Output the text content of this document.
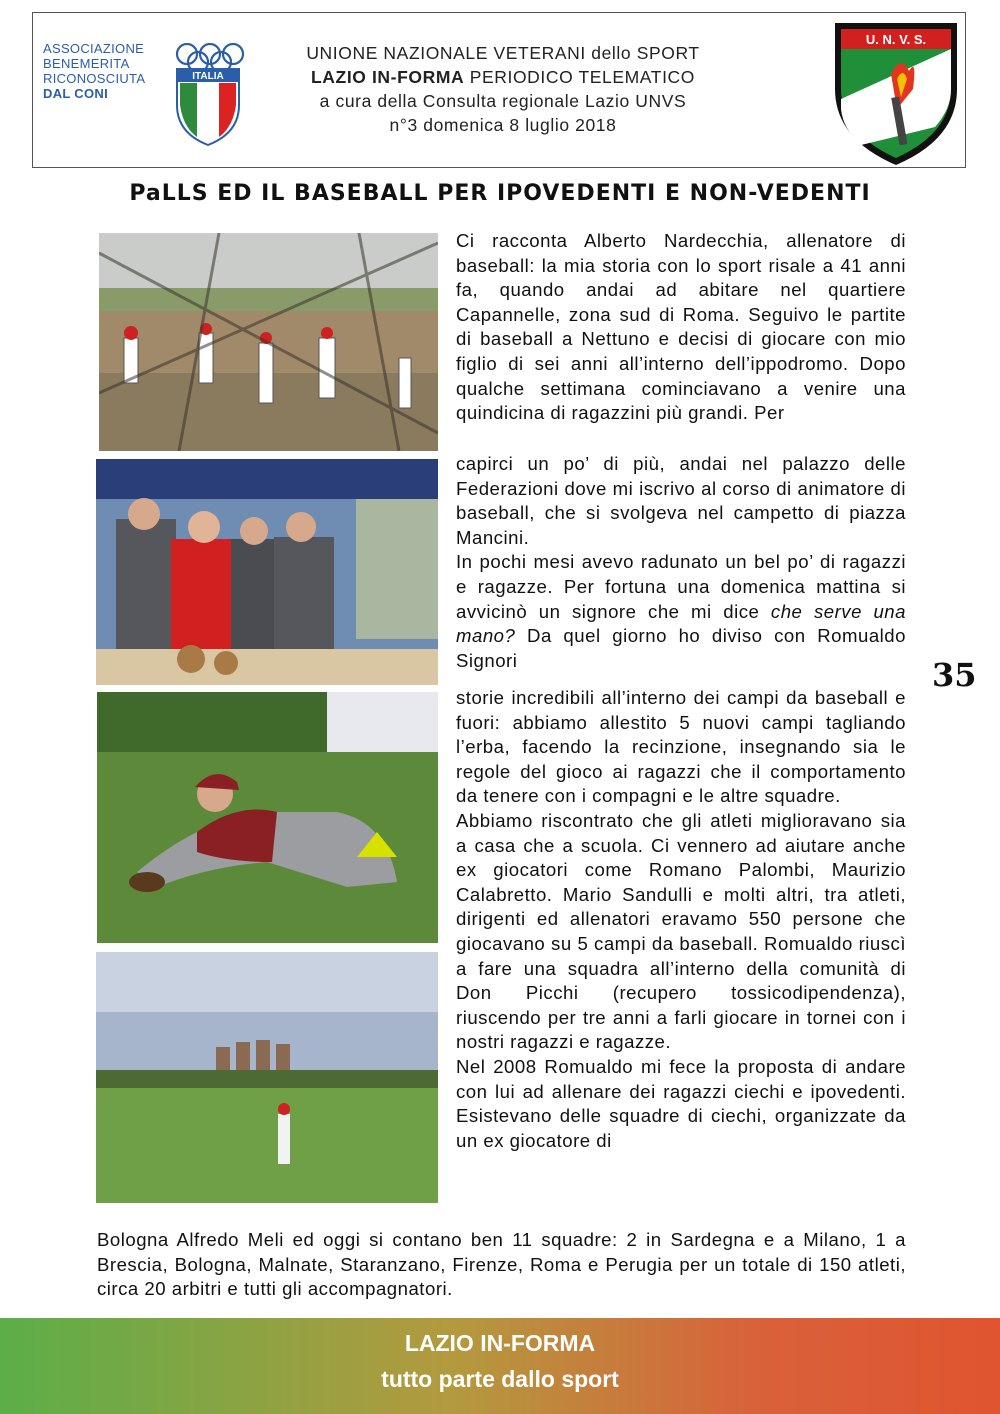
ASSOCIAZIONE
BENEMERITA
RICONOSCIUTA
DAL CONI
ITALIA
UNIONE NAZIONALE VETERANI dello SPORT
LAZIO IN-FORMA PERIODICO TELEMATICO
a cura della Consulta regionale Lazio UNVS
n°3 domenica 8 luglio 2018
U. N. V. S.
PaLLS ED IL BASEBALL PER IPOVEDENTI E NON-VEDENTI

Ci racconta Alberto Nardecchia, allenatore di baseball: la mia storia con lo sport risale a 41 anni fa, quando andai ad abitare nel quartiere Capannelle, zona sud di Roma. Seguivo le partite di baseball a Nettuno e decisi di giocare con mio figlio di sei anni all’interno dell’ippodromo. Dopo qualche settimana cominciavano a venire una quindicina di ragazzini più grandi. Per

capirci un po’ di più, andai nel palazzo delle Federazioni dove mi iscrivo al corso di animatore di baseball, che si svolgeva nel campetto di piazza Mancini.

In pochi mesi avevo radunato un bel po’ di ragazzi e ragazze. Per fortuna una domenica mattina si avvicinò un signore che mi dice che serve una mano? Da quel giorno ho diviso con Romualdo Signori

storie incredibili all’interno dei campi da baseball e fuori: abbiamo allestito 5 nuovi campi tagliando l’erba, facendo la recinzione, insegnando sia le regole del gioco ai ragazzi che il comportamento da tenere con i compagni e le altre squadre.

Abbiamo riscontrato che gli atleti miglioravano sia a casa che a scuola. Ci vennero ad aiutare anche ex giocatori come Romano Palombi, Maurizio Calabretto. Mario Sandulli e molti altri, tra atleti, dirigenti ed allenatori eravamo 550 persone che giocavano su 5 campi da baseball. Romualdo riuscì a fare una squadra all’interno della comunità di Don Picchi (recupero tossicodipendenza), riuscendo per tre anni a farli giocare in tornei con i nostri ragazzi e ragazze.

Nel 2008 Romualdo mi fece la proposta di andare con lui ad allenare dei ragazzi ciechi e ipovedenti. Esistevano delle squadre di ciechi, organizzate da un ex giocatore di

Bologna Alfredo Meli ed oggi si contano ben 11 squadre: 2 in Sardegna e a Milano, 1 a Brescia, Bologna, Malnate, Staranzano, Firenze, Roma e Perugia per un totale di 150 atleti, circa 20 arbitri e tutti gli accompagnatori.

35
LAZIO IN-FORMA
tutto parte dallo sport
